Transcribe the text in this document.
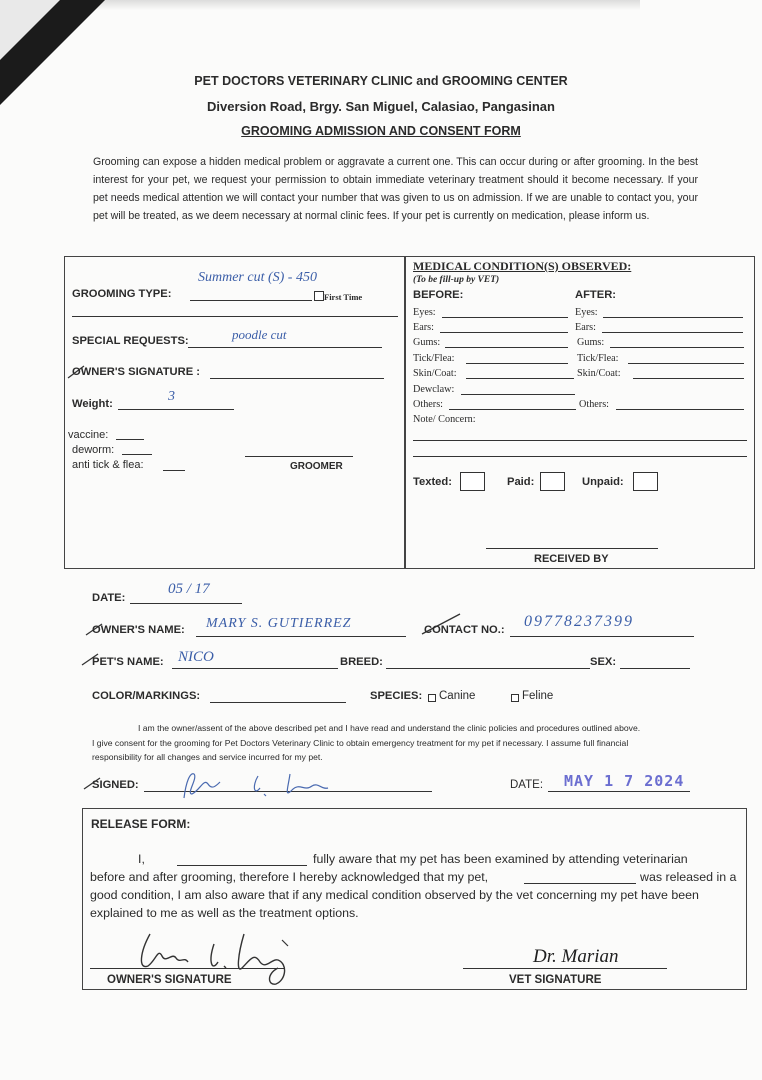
PET DOCTORS VETERINARY CLINIC and GROOMING CENTER
Diversion Road, Brgy. San Miguel, Calasiao, Pangasinan
GROOMING ADMISSION AND CONSENT FORM
Grooming can expose a hidden medical problem or aggravate a current one. This can occur during or after grooming. In the best interest for your pet, we request your permission to obtain immediate veterinary treatment should it become necessary. If your pet needs medical attention we will contact your number that was given to us on admission. If we are unable to contact you, your pet will be treated, as we deem necessary at normal clinic fees. If your pet is currently on medication, please inform us.
GROOMING TYPE:
Summer cut (S) - 450
First Time
SPECIAL REQUESTS:	poodle cut
OWNER'S SIGNATURE :
Weight:	3
vaccine:
deworm:
anti tick & flea:	GROOMER
MEDICAL CONDITION(S) OBSERVED:
(To be fill-up by VET)
BEFORE:	AFTER:
Eyes:	Eyes:
Ears:	Ears:
Gums:	Gums:
Tick/Flea:	Tick/Flea:
Skin/Coat:	Skin/Coat:
Dewclaw:
Others:	Others:
Note/ Concern:
Texted:	Paid:	Unpaid:
RECEIVED BY
DATE:
05 / 17
OWNER'S NAME: MARY S. GUTIERREZ	CONTACT NO.: 09778237399
PET'S NAME: NICO	BREED:	SEX:
COLOR/MARKINGS:	SPECIES: Canine	Feline
I am the owner/assent of the above described pet and I have read and understand the clinic policies and procedures outlined above.
I give consent for the grooming for Pet Doctors Veterinary Clinic to obtain emergency treatment for my pet if necessary. I assume full financial
responsibility for all changes and service incurred for my pet.
SIGNED:	DATE: MAY 1 7 2024
RELEASE FORM:
I,	fully aware that my pet has been examined by attending veterinarian
before and after grooming, therefore I hereby acknowledged that my pet,	was released in a
good condition, I am also aware that if any medical condition observed by the vet concerning my pet have been
explained to me as well as the treatment options.
OWNER'S SIGNATURE
Dr. Marian
VET SIGNATURE
